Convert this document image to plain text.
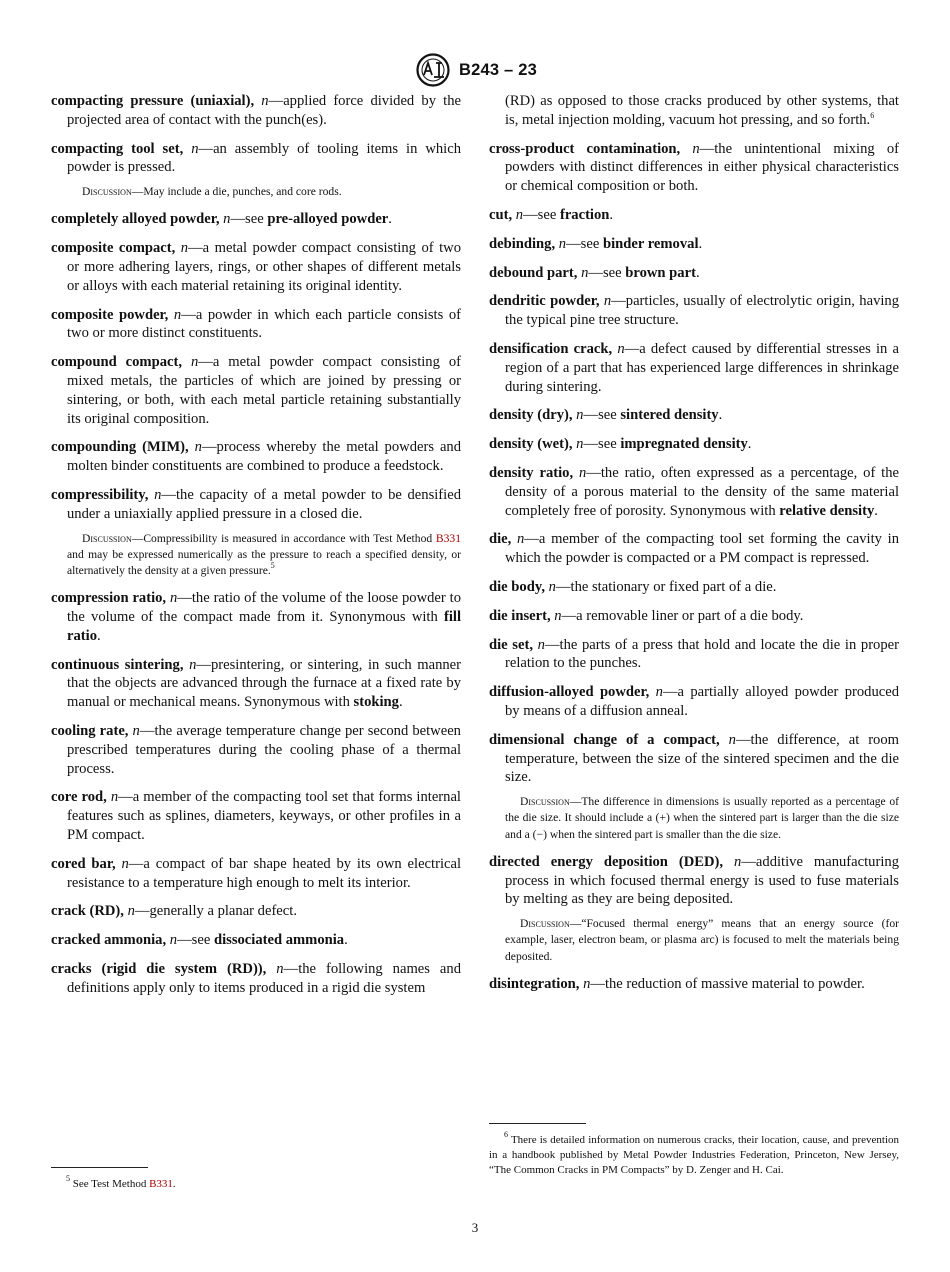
B243 – 23

compacting pressure (uniaxial), n—applied force divided by the projected area of contact with the punch(es).

compacting tool set, n—an assembly of tooling items in which powder is pressed.

Discussion—May include a die, punches, and core rods.

completely alloyed powder, n—see pre-alloyed powder.

composite compact, n—a metal powder compact consisting of two or more adhering layers, rings, or other shapes of different metals or alloys with each material retaining its original identity.

composite powder, n—a powder in which each particle consists of two or more distinct constituents.

compound compact, n—a metal powder compact consisting of mixed metals, the particles of which are joined by pressing or sintering, or both, with each metal particle retaining substantially its original composition.

compounding (MIM), n—process whereby the metal powders and molten binder constituents are combined to produce a feedstock.

compressibility, n—the capacity of a metal powder to be densified under a uniaxially applied pressure in a closed die.

Discussion—Compressibility is measured in accordance with Test Method B331 and may be expressed numerically as the pressure to reach a specified density, or alternatively the density at a given pressure.$^5$

compression ratio, n—the ratio of the volume of the loose powder to the volume of the compact made from it. Synonymous with fill ratio.

continuous sintering, n—presintering, or sintering, in such manner that the objects are advanced through the furnace at a fixed rate by manual or mechanical means. Synonymous with stoking.

cooling rate, n—the average temperature change per second between prescribed temperatures during the cooling phase of a thermal process.

core rod, n—a member of the compacting tool set that forms internal features such as splines, diameters, keyways, or other profiles in a PM compact.

cored bar, n—a compact of bar shape heated by its own electrical resistance to a temperature high enough to melt its interior.

crack (RD), n—generally a planar defect.

cracked ammonia, n—see dissociated ammonia.

cracks (rigid die system (RD)), n—the following names and definitions apply only to items produced in a rigid die system

(RD) as opposed to those cracks produced by other systems, that is, metal injection molding, vacuum hot pressing, and so forth.$^6$

cross-product contamination, n—the unintentional mixing of powders with distinct differences in either physical characteristics or chemical composition or both.

cut, n—see fraction.

debinding, n—see binder removal.

debound part, n—see brown part.

dendritic powder, n—particles, usually of electrolytic origin, having the typical pine tree structure.

densification crack, n—a defect caused by differential stresses in a region of a part that has experienced large differences in shrinkage during sintering.

density (dry), n—see sintered density.

density (wet), n—see impregnated density.

density ratio, n—the ratio, often expressed as a percentage, of the density of a porous material to the density of the same material completely free of porosity. Synonymous with relative density.

die, n—a member of the compacting tool set forming the cavity in which the powder is compacted or a PM compact is repressed.

die body, n—the stationary or fixed part of a die.

die insert, n—a removable liner or part of a die body.

die set, n—the parts of a press that hold and locate the die in proper relation to the punches.

diffusion-alloyed powder, n—a partially alloyed powder produced by means of a diffusion anneal.

dimensional change of a compact, n—the difference, at room temperature, between the size of the sintered specimen and the die size.

Discussion—The difference in dimensions is usually reported as a percentage of the die size. It should include a (+) when the sintered part is larger than the die size and a (−) when the sintered part is smaller than the die size.

directed energy deposition (DED), n—additive manufacturing process in which focused thermal energy is used to fuse materials by melting as they are being deposited.

Discussion—“Focused thermal energy” means that an energy source (for example, laser, electron beam, or plasma arc) is focused to melt the materials being deposited.

disintegration, n—the reduction of massive material to powder.

$^5$ See Test Method B331.
$^6$ There is detailed information on numerous cracks, their location, cause, and prevention in a handbook published by Metal Powder Industries Federation, Princeton, New Jersey, “The Common Cracks in PM Compacts” by D. Zenger and H. Cai.
3
